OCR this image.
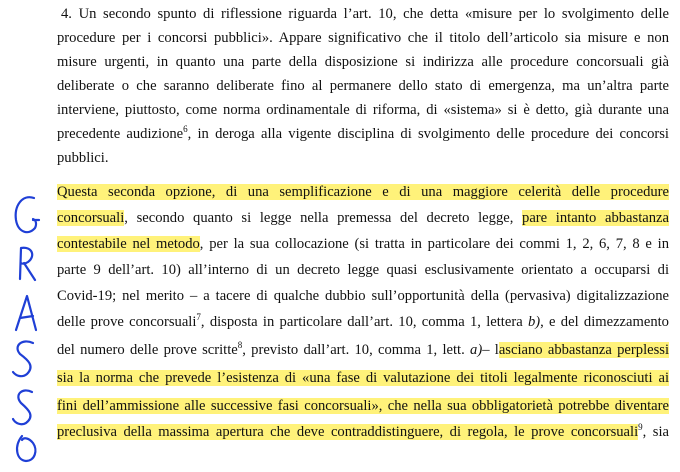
4. Un secondo spunto di riflessione riguarda l’art. 10, che detta «misure per lo svolgimento delle
procedure per i concorsi pubblici». Appare significativo che il titolo dell’articolo sia misure e non
misure urgenti, in quanto una parte della disposizione si indirizza alle procedure concorsuali già
deliberate o che saranno deliberate fino al permanere dello stato di emergenza, ma un’altra parte
interviene, piuttosto, come norma ordinamentale di riforma, di «sistema» si è detto, già durante una
precedente audizione$^6$, in deroga alla vigente disciplina di svolgimento delle procedure dei concorsi
pubblici.
Questa seconda opzione, di una semplificazione e di una maggiore celerità delle procedure
concorsuali, secondo quanto si legge nella premessa del decreto legge, pare intanto abbastanza
contestabile nel metodo, per la sua collocazione (si tratta in particolare dei commi 1, 2, 6, 7, 8 e in
parte 9 dell’art. 10) all’interno di un decreto legge quasi esclusivamente orientato a occuparsi di
Covid-19; nel merito – a tacere di qualche dubbio sull’opportunità della (pervasiva) digitalizzazione
delle prove concorsuali$^7$, disposta in particolare dall’art. 10, comma 1, lettera b), e del dimezzamento
del numero delle prove scritte$^8$, previsto dall’art. 10, comma 1, lett. a)– lasciano abbastanza perplessi
sia la norma che prevede l’esistenza di «una fase di valutazione dei titoli legalmente riconosciuti ai
fini dell’ammissione alle successive fasi concorsuali», che nella sua obbligatorietà potrebbe diventare
preclusiva della massima apertura che deve contraddistinguere, di regola, le prove concorsuali$^9$, sia
